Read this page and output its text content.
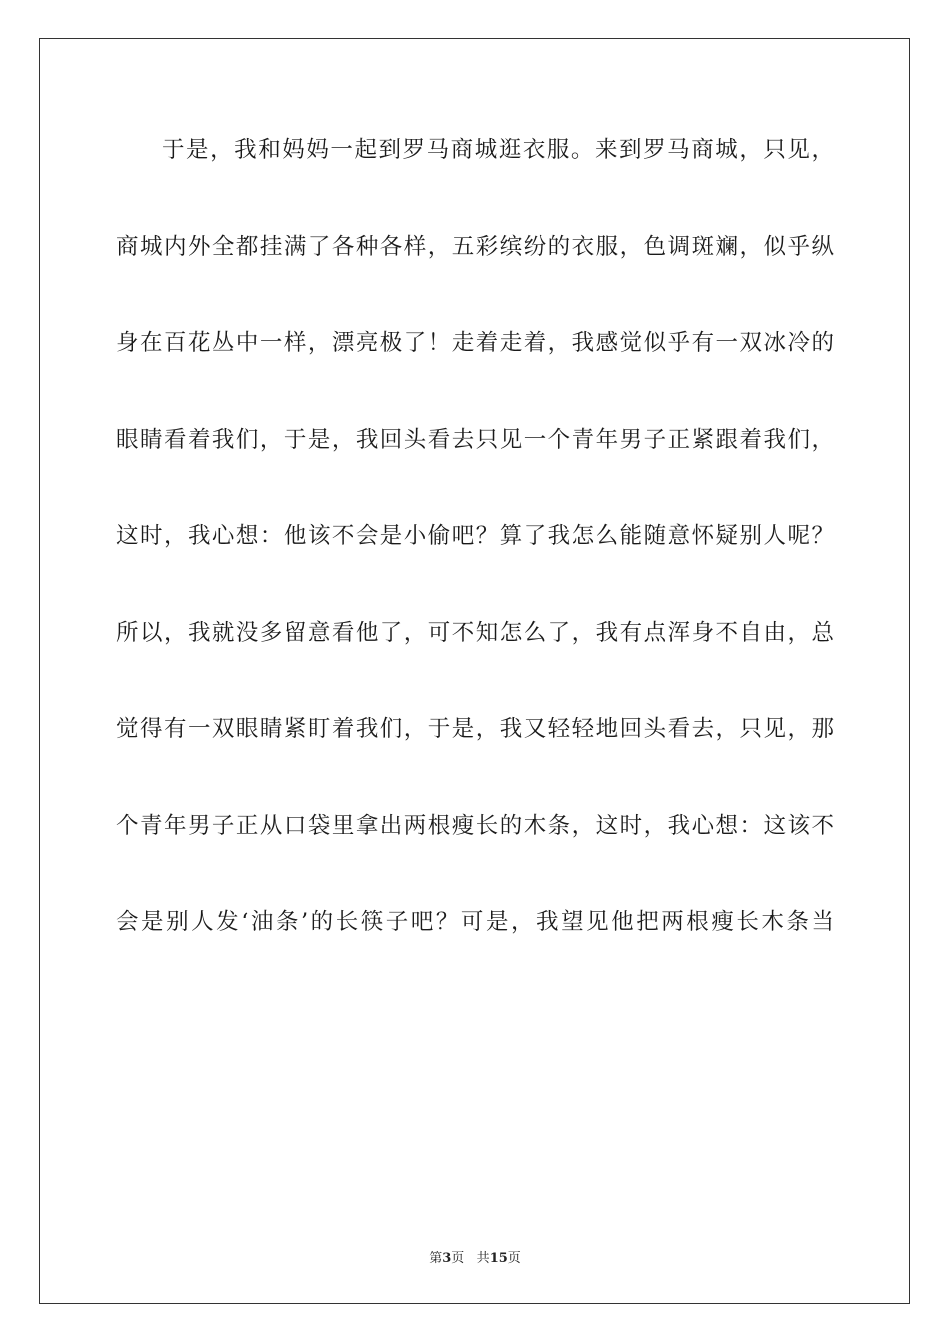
于是，我和妈妈一起到罗马商城逛衣服。来到罗马商城，只见，
商城内外全都挂满了各种各样，五彩缤纷的衣服，色调斑斓，似乎纵
身在百花丛中一样，漂亮极了！走着走着，我感觉似乎有一双冰冷的
眼睛看着我们，于是，我回头看去只见一个青年男子正紧跟着我们，
这时，我心想：他该不会是小偷吧？算了我怎么能随意怀疑别人呢？
所以，我就没多留意看他了，可不知怎么了，我有点浑身不自由，总
觉得有一双眼睛紧盯着我们，于是，我又轻轻地回头看去，只见，那
个青年男子正从口袋里拿出两根瘦长的木条，这时，我心想：这该不
会是别人发‘油条’的长筷子吧？可是，我望见他把两根瘦长木条当
第3页 共15页
